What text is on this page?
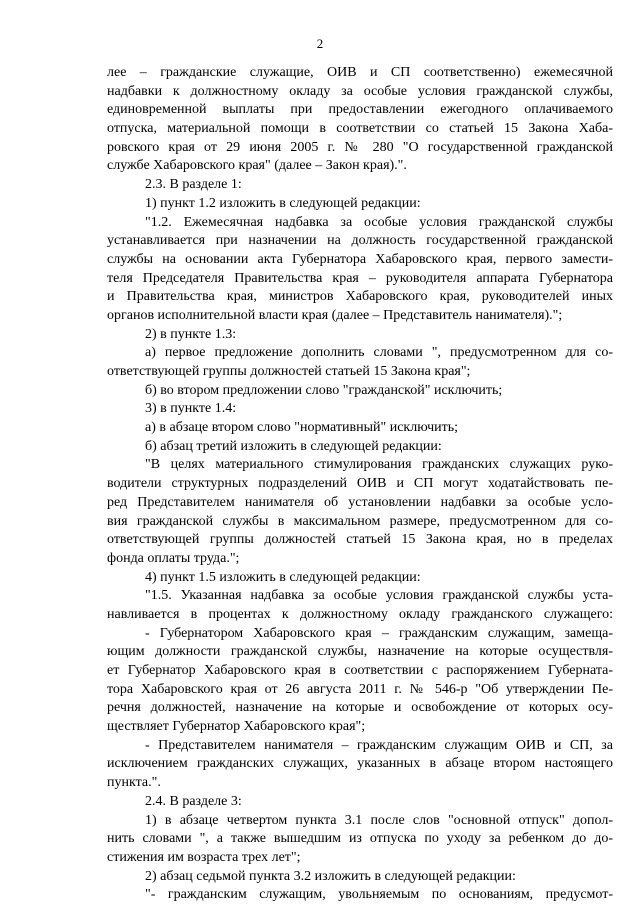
2
лее – гражданские служащие, ОИВ и СП соответственно) ежемесячной
надбавки к должностному окладу за особые условия гражданской службы,
единовременной выплаты при предоставлении ежегодного оплачиваемого
отпуска, материальной помощи в соответствии со статьей 15 Закона Хаба-
ровского края от 29 июня 2005 г. № 280 "О государственной гражданской
службе Хабаровского края" (далее – Закон края).".
2.3. В разделе 1:
1) пункт 1.2 изложить в следующей редакции:
"1.2. Ежемесячная надбавка за особые условия гражданской службы
устанавливается при назначении на должность государственной гражданской
службы на основании акта Губернатора Хабаровского края, первого замести-
теля Председателя Правительства края – руководителя аппарата Губернатора
и Правительства края, министров Хабаровского края, руководителей иных
органов исполнительной власти края (далее – Представитель нанимателя).";
2) в пункте 1.3:
а) первое предложение дополнить словами ", предусмотренном для со-
ответствующей группы должностей статьей 15 Закона края";
б) во втором предложении слово "гражданской" исключить;
3) в пункте 1.4:
а) в абзаце втором слово "нормативный" исключить;
б) абзац третий изложить в следующей редакции:
"В целях материального стимулирования гражданских служащих руко-
водители структурных подразделений ОИВ и СП могут ходатайствовать пе-
ред Представителем нанимателя об установлении надбавки за особые усло-
вия гражданской службы в максимальном размере, предусмотренном для со-
ответствующей группы должностей статьей 15 Закона края, но в пределах
фонда оплаты труда.";
4) пункт 1.5 изложить в следующей редакции:
"1.5. Указанная надбавка за особые условия гражданской службы уста-
навливается в процентах к должностному окладу гражданского служащего:
- Губернатором Хабаровского края – гражданским служащим, замеща-
ющим должности гражданской службы, назначение на которые осуществля-
ет Губернатор Хабаровского края в соответствии с распоряжением Губерната-
тора Хабаровского края от 26 августа 2011 г. № 546-р "Об утверждении Пе-
речня должностей, назначение на которые и освобождение от которых осу-
ществляет Губернатор Хабаровского края";
- Представителем нанимателя – гражданским служащим ОИВ и СП, за
исключением гражданских служащих, указанных в абзаце втором настоящего
пункта.".
2.4. В разделе 3:
1) в абзаце четвертом пункта 3.1 после слов "основной отпуск" допол-
нить словами ", а также вышедшим из отпуска по уходу за ребенком до до-
стижения им возраста трех лет";
2) абзац седьмой пункта 3.2 изложить в следующей редакции:
"- гражданским служащим, увольняемым по основаниям, предусмот-
